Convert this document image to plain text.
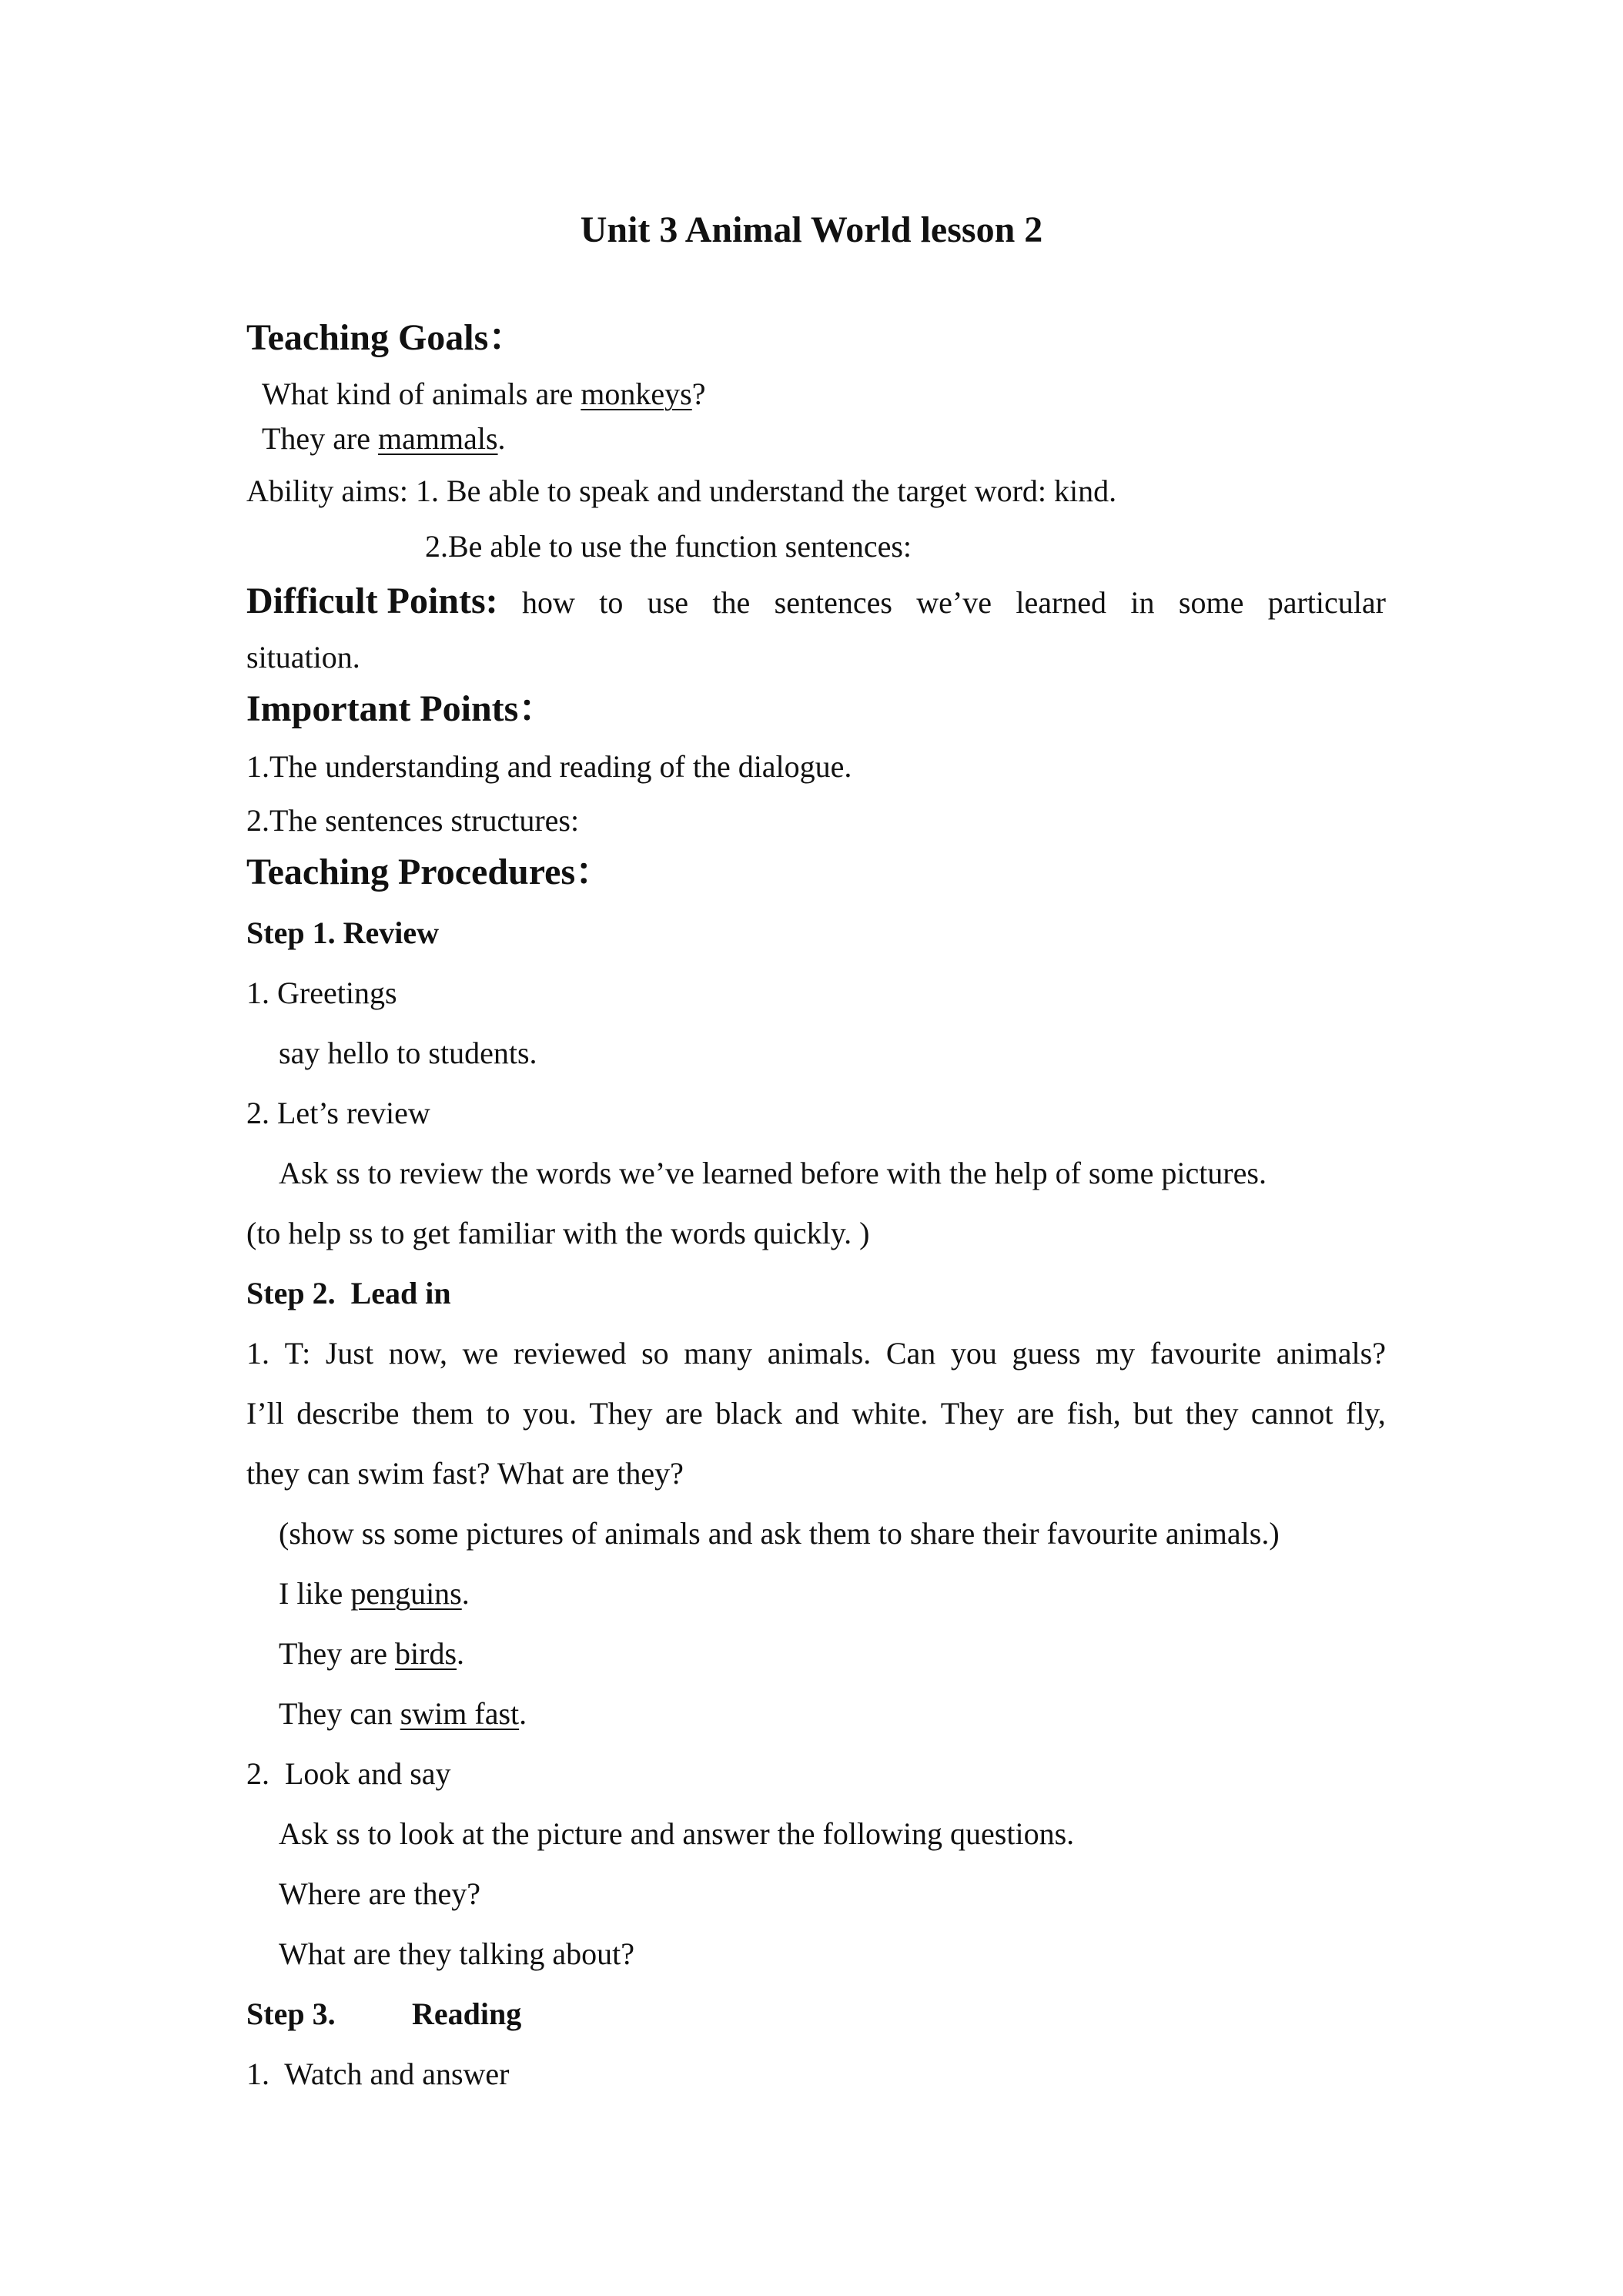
Unit 3 Animal World lesson 2
Teaching Goals：
What kind of animals are monkeys?
They are mammals.
Ability aims: 1. Be able to speak and understand the target word: kind.
2.Be able to use the function sentences:
Difficult Points: how to use the sentences we’ve learned in some particular
situation.
Important Points：
1.The understanding and reading of the dialogue.
2.The sentences structures:
Teaching Procedures：
Step 1. Review
1. Greetings
say hello to students.
2. Let’s review
Ask ss to review the words we’ve learned before with the help of some pictures.
(to help ss to get familiar with the words quickly. )
Step 2.  Lead in
1. T: Just now, we reviewed so many animals. Can you guess my favourite animals?
I’ll describe them to you. They are black and white. They are fish, but they cannot fly,
they can swim fast? What are they?
(show ss some pictures of animals and ask them to share their favourite animals.)
I like penguins.
They are birds.
They can swim fast.
2.  Look and say
Ask ss to look at the picture and answer the following questions.
Where are they?
What are they talking about?
Step 3. Reading
1.  Watch and answer
